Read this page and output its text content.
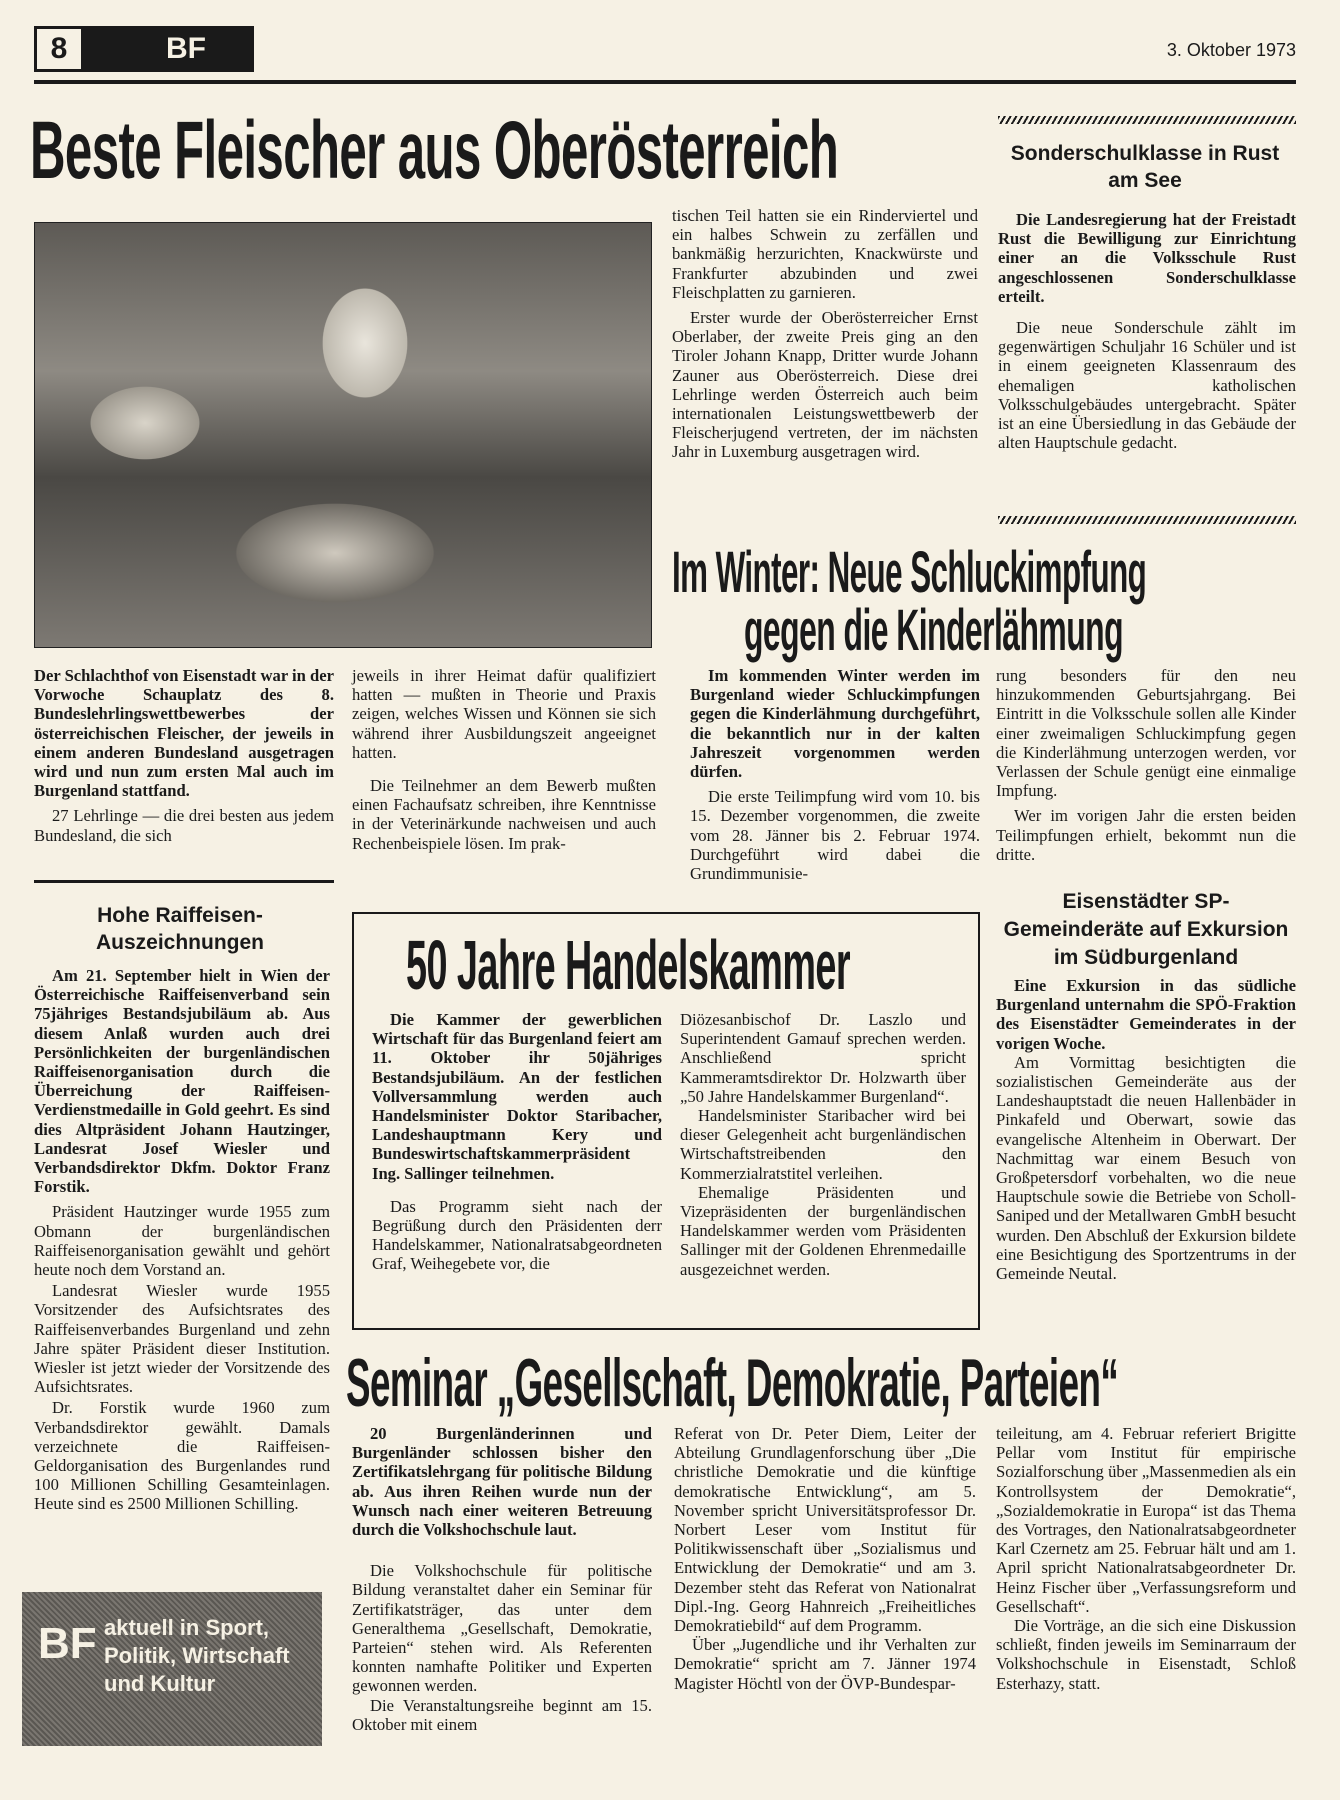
8	BF	3. Oktober 1973
Beste Fleischer aus Oberösterreich

tischen Teil hatten sie ein Rinderviertel und ein halbes Schwein zu zerfällen und bankmäßig herzurichten, Knackwürste und Frankfurter abzubinden und zwei Fleischplatten zu garnieren.

Erster wurde der Oberösterreicher Ernst Oberlaber, der zweite Preis ging an den Tiroler Johann Knapp, Dritter wurde Johann Zauner aus Oberösterreich. Diese drei Lehrlinge werden Österreich auch beim internationalen Leistungswettbewerb der Fleischerjugend vertreten, der im nächsten Jahr in Luxemburg ausgetragen wird.

Der Schlachthof von Eisenstadt war in der Vorwoche Schauplatz des 8. Bundeslehrlingswettbewerbes der österreichischen Fleischer, der jeweils in einem anderen Bundesland ausgetragen wird und nun zum ersten Mal auch im Burgenland stattfand.

27 Lehrlinge — die drei besten aus jedem Bundesland, die sich

jeweils in ihrer Heimat dafür qualifiziert hatten — mußten in Theorie und Praxis zeigen, welches Wissen und Können sie sich während ihrer Ausbildungszeit angeeignet hatten.

Die Teilnehmer an dem Bewerb mußten einen Fachaufsatz schreiben, ihre Kenntnisse in der Veterinärkunde nachweisen und auch Rechenbeispiele lösen. Im prak-

Sonderschulklasse in Rust am See

Die Landesregierung hat der Freistadt Rust die Bewilligung zur Einrichtung einer an die Volksschule Rust angeschlossenen Sonderschulklasse erteilt.

Die neue Sonderschule zählt im gegenwärtigen Schuljahr 16 Schüler und ist in einem geeigneten Klassenraum des ehemaligen katholischen Volksschulgebäudes untergebracht. Später ist an eine Übersiedlung in das Gebäude der alten Hauptschule gedacht.

Im Winter: Neue Schluckimpfung
gegen die Kinderlähmung

Im kommenden Winter werden im Burgenland wieder Schluckimpfungen gegen die Kinderlähmung durchgeführt, die bekanntlich nur in der kalten Jahreszeit vorgenommen werden dürfen.

Die erste Teilimpfung wird vom 10. bis 15. Dezember vorgenommen, die zweite vom 28. Jänner bis 2. Februar 1974. Durchgeführt wird dabei die Grundimmunisie-

rung besonders für den neu hinzukommenden Geburtsjahrgang. Bei Eintritt in die Volksschule sollen alle Kinder einer zweimaligen Schluckimpfung gegen die Kinderlähmung unterzogen werden, vor Verlassen der Schule genügt eine einmalige Impfung.

Wer im vorigen Jahr die ersten beiden Teilimpfungen erhielt, bekommt nun die dritte.

Hohe Raiffeisen-Auszeichnungen

Am 21. September hielt in Wien der Österreichische Raiffeisenverband sein 75jähriges Bestandsjubiläum ab. Aus diesem Anlaß wurden auch drei Persönlichkeiten der burgenländischen Raiffeisenorganisation durch die Überreichung der Raiffeisen-Verdienstmedaille in Gold geehrt. Es sind dies Altpräsident Johann Hautzinger, Landesrat Josef Wiesler und Verbandsdirektor Dkfm. Doktor Franz Forstik.

Präsident Hautzinger wurde 1955 zum Obmann der burgenländischen Raiffeisenorganisation gewählt und gehört heute noch dem Vorstand an.

Landesrat Wiesler wurde 1955 Vorsitzender des Aufsichtsrates des Raiffeisenverbandes Burgenland und zehn Jahre später Präsident dieser Institution. Wiesler ist jetzt wieder der Vorsitzende des Aufsichtsrates.

Dr. Forstik wurde 1960 zum Verbandsdirektor gewählt. Damals verzeichnete die Raiffeisen-Geldorganisation des Burgenlandes rund 100 Millionen Schilling Gesamteinlagen. Heute sind es 2500 Millionen Schilling.

BF aktuell in Sport, Politik, Wirtschaft und Kultur
50 Jahre Handelskammer

Die Kammer der gewerblichen Wirtschaft für das Burgenland feiert am 11. Oktober ihr 50jähriges Bestandsjubiläum. An der festlichen Vollversammlung werden auch Handelsminister Doktor Staribacher, Landeshauptmann Kery und Bundeswirtschaftskammerpräsident Ing. Sallinger teilnehmen.

Das Programm sieht nach der Begrüßung durch den Präsidenten derr Handelskammer, Nationalratsabgeordneten Graf, Weihegebete vor, die

Diözesanbischof Dr. Laszlo und Superintendent Gamauf sprechen werden. Anschließend spricht Kammeramtsdirektor Dr. Holzwarth über „50 Jahre Handelskammer Burgenland“.

Handelsminister Staribacher wird bei dieser Gelegenheit acht burgenländischen Wirtschaftstreibenden den Kommerzialratstitel verleihen.

Ehemalige Präsidenten und Vizepräsidenten der burgenländischen Handelskammer werden vom Präsidenten Sallinger mit der Goldenen Ehrenmedaille ausgezeichnet werden.

Eisenstädter SP-Gemeinderäte auf Exkursion im Südburgenland

Eine Exkursion in das südliche Burgenland unternahm die SPÖ-Fraktion des Eisenstädter Gemeinderates in der vorigen Woche.

Am Vormittag besichtigten die sozialistischen Gemeinderäte aus der Landeshauptstadt die neuen Hallenbäder in Pinkafeld und Oberwart, sowie das evangelische Altenheim in Oberwart. Der Nachmittag war einem Besuch von Großpetersdorf vorbehalten, wo die neue Hauptschule sowie die Betriebe von Scholl-Saniped und der Metallwaren GmbH besucht wurden. Den Abschluß der Exkursion bildete eine Besichtigung des Sportzentrums in der Gemeinde Neutal.

Seminar „Gesellschaft, Demokratie, Parteien“

20 Burgenländerinnen und Burgenländer schlossen bisher den Zertifikatslehrgang für politische Bildung ab. Aus ihren Reihen wurde nun der Wunsch nach einer weiteren Betreuung durch die Volkshochschule laut.

Die Volkshochschule für politische Bildung veranstaltet daher ein Seminar für Zertifikatsträger, das unter dem Generalthema „Gesellschaft, Demokratie, Parteien“ stehen wird. Als Referenten konnten namhafte Politiker und Experten gewonnen werden.

Die Veranstaltungsreihe beginnt am 15. Oktober mit einem

Referat von Dr. Peter Diem, Leiter der Abteilung Grundlagenforschung über „Die christliche Demokratie und die künftige demokratische Entwicklung“, am 5. November spricht Universitätsprofessor Dr. Norbert Leser vom Institut für Politikwissenschaft über „Sozialismus und Entwicklung der Demokratie“ und am 3. Dezember steht das Referat von Nationalrat Dipl.-Ing. Georg Hahnreich „Freiheitliches Demokratiebild“ auf dem Programm.

Über „Jugendliche und ihr Verhalten zur Demokratie“ spricht am 7. Jänner 1974 Magister Höchtl von der ÖVP-Bundespar-

teileitung, am 4. Februar referiert Brigitte Pellar vom Institut für empirische Sozialforschung über „Massenmedien als ein Kontrollsystem der Demokratie“, „Sozialdemokratie in Europa“ ist das Thema des Vortrages, den Nationalratsabgeordneter Karl Czernetz am 25. Februar hält und am 1. April spricht Nationalratsabgeordneter Dr. Heinz Fischer über „Verfassungsreform und Gesellschaft“.

Die Vorträge, an die sich eine Diskussion schließt, finden jeweils im Seminarraum der Volkshochschule in Eisenstadt, Schloß Esterhazy, statt.
